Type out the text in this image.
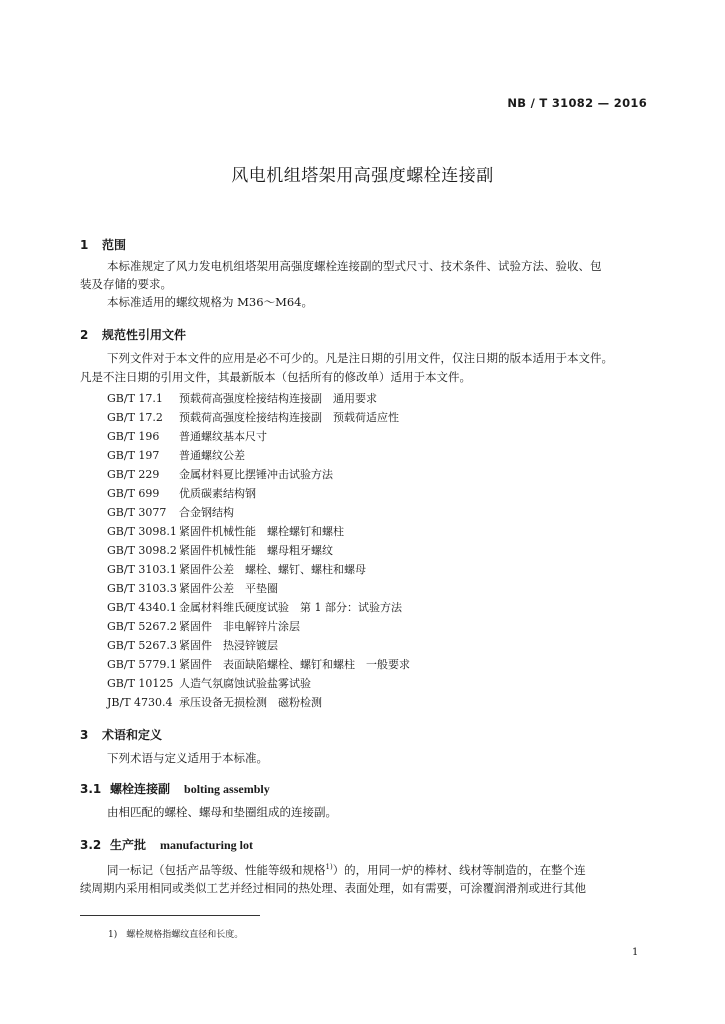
NB / T 31082 — 2016
风电机组塔架用高强度螺栓连接副
1 范围
本标准规定了风力发电机组塔架用高强度螺栓连接副的型式尺寸、技术条件、试验方法、验收、包
装及存储的要求。
本标准适用的螺纹规格为 M36～M64。
2 规范性引用文件
下列文件对于本文件的应用是必不可少的。凡是注日期的引用文件，仅注日期的版本适用于本文件。
凡是不注日期的引用文件，其最新版本（包括所有的修改单）适用于本文件。
GB/T 17.1 预载荷高强度栓接结构连接副　通用要求
GB/T 17.2 预载荷高强度栓接结构连接副　预载荷适应性
GB/T 196 普通螺纹基本尺寸
GB/T 197 普通螺纹公差
GB/T 229 金属材料夏比摆锤冲击试验方法
GB/T 699 优质碳素结构钢
GB/T 3077 合金钢结构
GB/T 3098.1 紧固件机械性能　螺栓螺钉和螺柱
GB/T 3098.2 紧固件机械性能　螺母粗牙螺纹
GB/T 3103.1 紧固件公差　螺栓、螺钉、螺柱和螺母
GB/T 3103.3 紧固件公差　平垫圈
GB/T 4340.1 金属材料维氏硬度试验　第 1 部分：试验方法
GB/T 5267.2 紧固件　非电解锌片涂层
GB/T 5267.3 紧固件　热浸锌镀层
GB/T 5779.1 紧固件　表面缺陷螺栓、螺钉和螺柱　一般要求
GB/T 10125 人造气氛腐蚀试验盐雾试验
JB/T 4730.4 承压设备无损检测　磁粉检测
3 术语和定义
下列术语与定义适用于本标准。
3.1 螺栓连接副 bolting assembly
由相匹配的螺栓、螺母和垫圈组成的连接副。
3.2 生产批 manufacturing lot
同一标记（包括产品等级、性能等级和规格$^{1)}$）的，用同一炉的棒材、线材等制造的，在整个连
续周期内采用相同或类似工艺并经过相同的热处理、表面处理，如有需要，可涂覆润滑剂或进行其他
1)　螺栓规格指螺纹直径和长度。
1
